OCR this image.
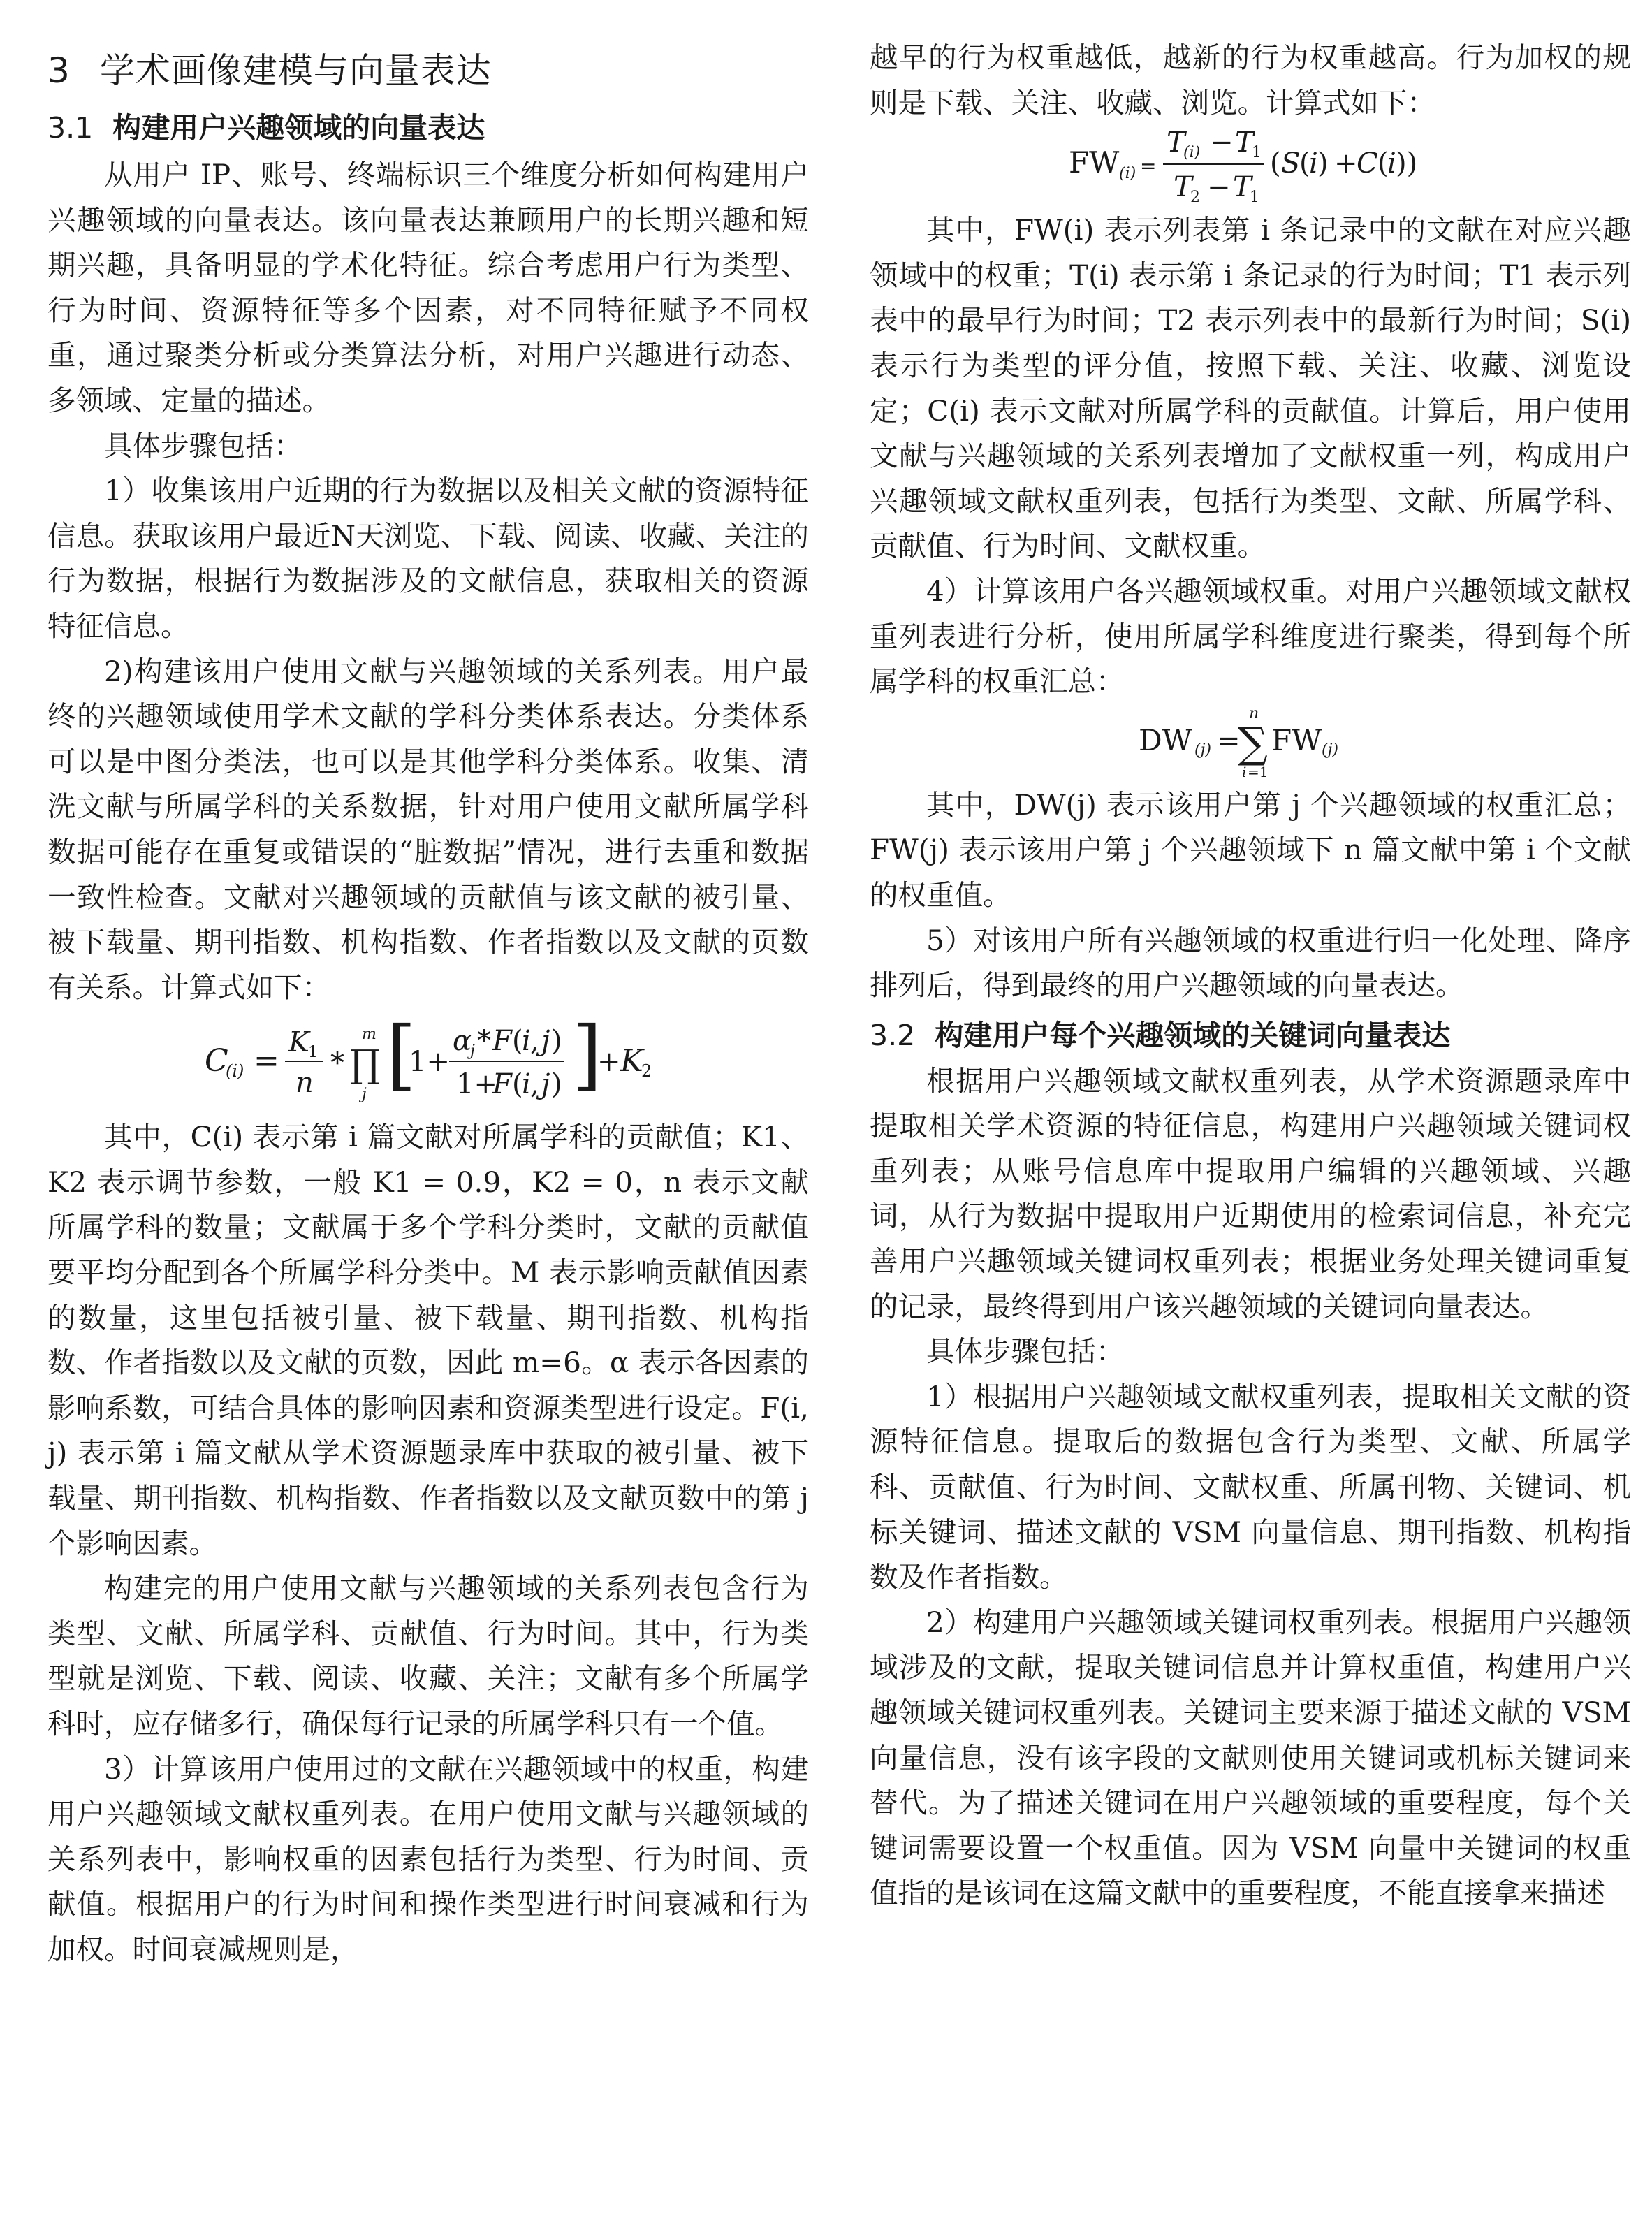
3 学术画像建模与向量表达
3.1 构建用户兴趣领域的向量表达

从用户 IP、账号、终端标识三个维度分析如何构建用户兴趣领域的向量表达。该向量表达兼顾用户的长期兴趣和短期兴趣，具备明显的学术化特征。综合考虑用户行为类型、行为时间、资源特征等多个因素，对不同特征赋予不同权重，通过聚类分析或分类算法分析，对用户兴趣进行动态、多领域、定量的描述。

具体步骤包括：

1）收集该用户近期的行为数据以及相关文献的资源特征信息。获取该用户最近N天浏览、下载、阅读、收藏、关注的行为数据，根据行为数据涉及的文献信息，获取相关的资源特征信息。

2)构建该用户使用文献与兴趣领域的关系列表。用户最终的兴趣领域使用学术文献的学科分类体系表达。分类体系可以是中图分类法，也可以是其他学科分类体系。收集、清洗文献与所属学科的关系数据，针对用户使用文献所属学科数据可能存在重复或错误的“脏数据”情况，进行去重和数据一致性检查。文献对兴趣领域的贡献值与该文献的被引量、被下载量、期刊指数、机构指数、作者指数以及文献的页数有关系。计算式如下：

C
(i) =
K
1
n
* ∏
m
j [
1+
α
j * F (
i , j )
1+
F (
i , j ) ]
+ K
2

其中，C(i) 表示第 i 篇文献对所属学科的贡献值；K1、K2 表示调节参数，一般 K1 = 0.9，K2 = 0，n 表示文献所属学科的数量；文献属于多个学科分类时，文献的贡献值要平均分配到各个所属学科分类中。M 表示影响贡献值因素的数量，这里包括被引量、被下载量、期刊指数、机构指数、作者指数以及文献的页数，因此 m=6。α 表示各因素的影响系数，可结合具体的影响因素和资源类型进行设定。F(i, j) 表示第 i 篇文献从学术资源题录库中获取的被引量、被下载量、期刊指数、机构指数、作者指数以及文献页数中的第 j 个影响因素。

构建完的用户使用文献与兴趣领域的关系列表包含行为类型、文献、所属学科、贡献值、行为时间。其中，行为类型就是浏览、下载、阅读、收藏、关注；文献有多个所属学科时，应存储多行，确保每行记录的所属学科只有一个值。

3）计算该用户使用过的文献在兴趣领域中的权重，构建用户兴趣领域文献权重列表。在用户使用文献与兴趣领域的关系列表中，影响权重的因素包括行为类型、行为时间、贡献值。根据用户的行为时间和操作类型进行时间衰减和行为加权。时间衰减规则是，

越早的行为权重越低，越新的行为权重越高。行为加权的规则是下载、关注、收藏、浏览。计算式如下：

FW (i) =
T
(i) − T
1
T
2 − T
1
( S
(
i ) +
C (
i ))

其中，FW(i) 表示列表第 i 条记录中的文献在对应兴趣领域中的权重；T(i) 表示第 i 条记录的行为时间；T1 表示列表中的最早行为时间；T2 表示列表中的最新行为时间；S(i) 表示行为类型的评分值，按照下载、关注、收藏、浏览设定；C(i) 表示文献对所属学科的贡献值。计算后，用户使用文献与兴趣领域的关系列表增加了文献权重一列，构成用户兴趣领域文献权重列表，包括行为类型、文献、所属学科、贡献值、行为时间、文献权重。

4）计算该用户各兴趣领域权重。对用户兴趣领域文献权重列表进行分析，使用所属学科维度进行聚类，得到每个所属学科的权重汇总：

DW (j) =
∑
n
i =1
FW (j)

其中，DW(j) 表示该用户第 j 个兴趣领域的权重汇总；FW(j) 表示该用户第 j 个兴趣领域下 n 篇文献中第 i 个文献的权重值。

5）对该用户所有兴趣领域的权重进行归一化处理、降序排列后，得到最终的用户兴趣领域的向量表达。

3.2 构建用户每个兴趣领域的关键词向量表达

根据用户兴趣领域文献权重列表，从学术资源题录库中提取相关学术资源的特征信息，构建用户兴趣领域关键词权重列表；从账号信息库中提取用户编辑的兴趣领域、兴趣词，从行为数据中提取用户近期使用的检索词信息，补充完善用户兴趣领域关键词权重列表；根据业务处理关键词重复的记录，最终得到用户该兴趣领域的关键词向量表达。

具体步骤包括：

1）根据用户兴趣领域文献权重列表，提取相关文献的资源特征信息。提取后的数据包含行为类型、文献、所属学科、贡献值、行为时间、文献权重、所属刊物、关键词、机标关键词、描述文献的 VSM 向量信息、期刊指数、机构指数及作者指数。

2）构建用户兴趣领域关键词权重列表。根据用户兴趣领域涉及的文献，提取关键词信息并计算权重值，构建用户兴趣领域关键词权重列表。关键词主要来源于描述文献的 VSM 向量信息，没有该字段的文献则使用关键词或机标关键词来替代。为了描述关键词在用户兴趣领域的重要程度，每个关键词需要设置一个权重值。因为 VSM 向量中关键词的权重值指的是该词在这篇文献中的重要程度，不能直接拿来描述
